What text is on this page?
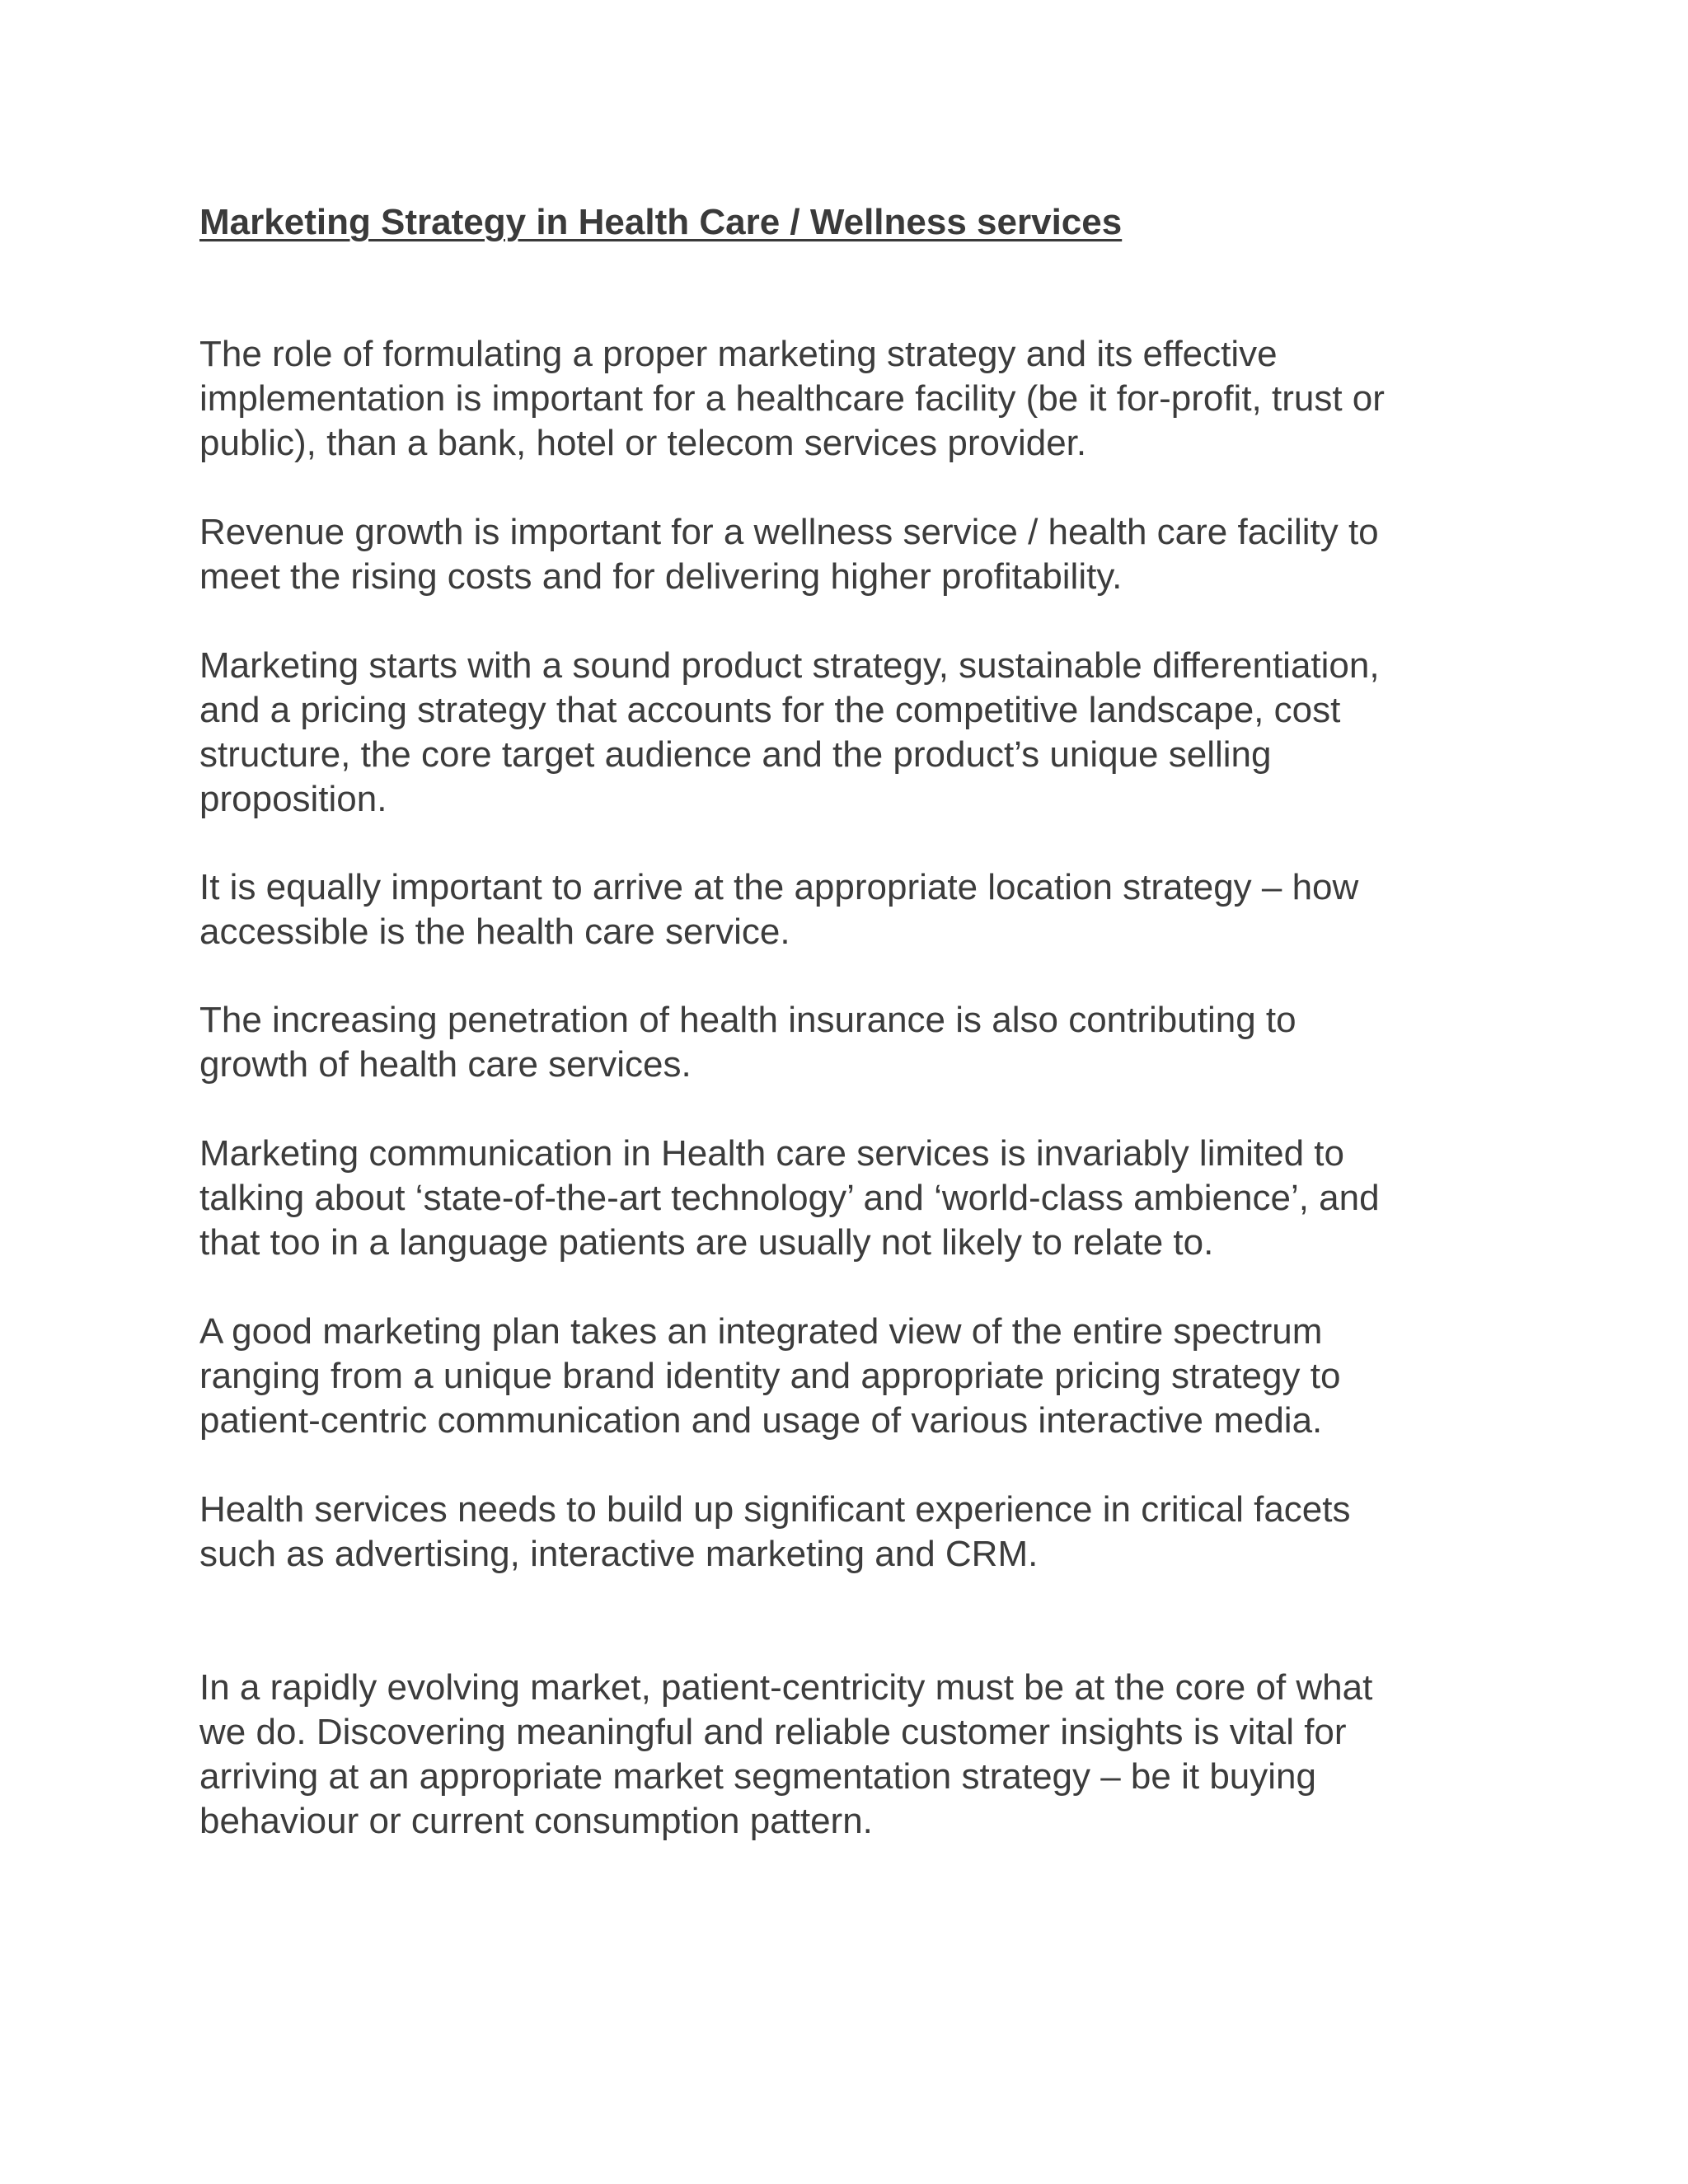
Marketing Strategy in Health Care / Wellness services

The role of formulating a proper marketing strategy and its effective
implementation is important for a healthcare facility (be it for-profit, trust or
public), than a bank, hotel or telecom services provider.

Revenue growth is important for a wellness service / health care facility to
meet the rising costs and for delivering higher profitability.

Marketing starts with a sound product strategy, sustainable differentiation,
and a pricing strategy that accounts for the competitive landscape, cost
structure, the core target audience and the product’s unique selling
proposition.

It is equally important to arrive at the appropriate location strategy – how
accessible is the health care service.

The increasing penetration of health insurance is also contributing to
growth of health care services.

Marketing communication in Health care services is invariably limited to
talking about ‘state-of-the-art technology’ and ‘world-class ambience’, and
that too in a language patients are usually not likely to relate to.

A good marketing plan takes an integrated view of the entire spectrum
ranging from a unique brand identity and appropriate pricing strategy to
patient-centric communication and usage of various interactive media.

Health services needs to build up significant experience in critical facets
such as advertising, interactive marketing and CRM.

In a rapidly evolving market, patient-centricity must be at the core of what
we do. Discovering meaningful and reliable customer insights is vital for
arriving at an appropriate market segmentation strategy – be it buying
behaviour or current consumption pattern.
